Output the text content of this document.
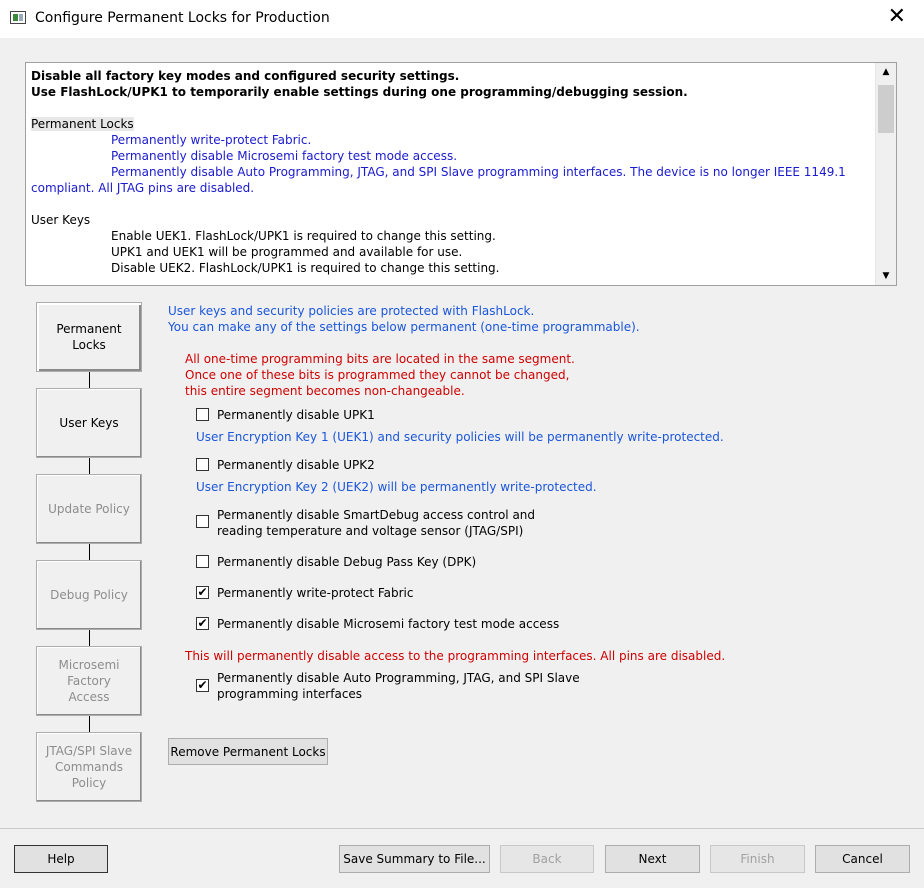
Configure Permanent Locks for Production	✕
Disable all factory key modes and configured security settings.
Use FlashLock/UPK1 to temporarily enable settings during one programming/debugging session.
Permanent Locks
Permanently write-protect Fabric.
Permanently disable Microsemi factory test mode access.
Permanently disable Auto Programming, JTAG, and SPI Slave programming interfaces. The device is no longer IEEE 1149.1
compliant. All JTAG pins are disabled.
User Keys
Enable UEK1. FlashLock/UPK1 is required to change this setting.
UPK1 and UEK1 will be programmed and available for use.
Disable UEK2. FlashLock/UPK1 is required to change this setting.
▲
▼
Permanent Locks
User Keys
Update Policy
Debug Policy
Microsemi Factory Access
JTAG/SPI Slave Commands Policy
User keys and security policies are protected with FlashLock.
You can make any of the settings below permanent (one-time programmable).
All one-time programming bits are located in the same segment.
Once one of these bits is programmed they cannot be changed,
this entire segment becomes non-changeable.
Permanently disable UPK1
User Encryption Key 1 (UEK1) and security policies will be permanently write-protected.
Permanently disable UPK2
User Encryption Key 2 (UEK2) will be permanently write-protected.
Permanently disable SmartDebug access control and
reading temperature and voltage sensor (JTAG/SPI)
Permanently disable Debug Pass Key (DPK)
✔ Permanently write-protect Fabric
✔ Permanently disable Microsemi factory test mode access
This will permanently disable access to the programming interfaces. All pins are disabled.
✔ Permanently disable Auto Programming, JTAG, and SPI Slave
programming interfaces
Remove Permanent Locks
Help	Save Summary to File...	Back	Next	Finish	Cancel
